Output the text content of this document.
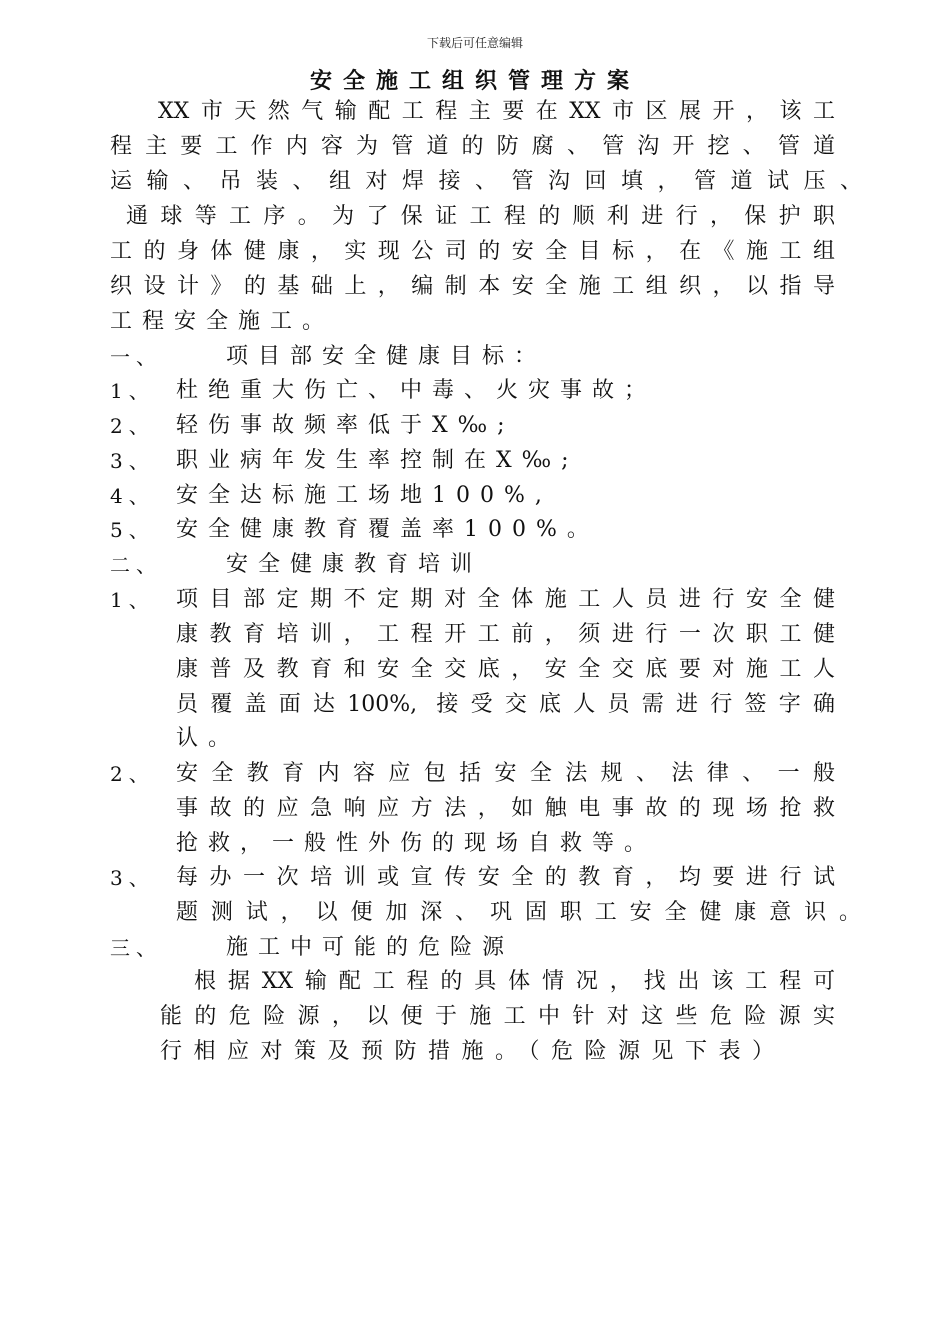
下载后可任意编辑
安全施工组织管理方案
XX市天然气输配工程主要在XX市区展开，该工
程主要工作内容为管道的防腐、管沟开挖、管道
运输、吊装、组对焊接、管沟回填，管道试压、
通球等工序。为了保证工程的顺利进行，保护职
工的身体健康，实现公司的安全目标，在《施工组
织设计》的基础上，编制本安全施工组织，以指导
工程安全施工。
一、	项目部安全健康目标：
1、 杜绝重大伤亡、中毒、火灾事故；
2、 轻伤事故频率低于X‰;
3、 职业病年发生率控制在X‰;
4、 安全达标施工场地100%,
5、 安全健康教育覆盖率100%。
二、	安全健康教育培训
1、 项目部定期不定期对全体施工人员进行安全健
康教育培训，工程开工前，须进行一次职工健
康普及教育和安全交底，安全交底要对施工人
员覆盖面达100%, 接受交底人员需进行签字确
认。
2、 安全教育内容应包括安全法规、法律、一般
事故的应急响应方法，如触电事故的现场抢救
抢救，一般性外伤的现场自救等。
3、 每办一次培训或宣传安全的教育，均要进行试
题测试，以便加深、巩固职工安全健康意识。
三、	施工中可能的危险源
根据XX输配工程的具体情况，找出该工程可
能的危险源，以便于施工中针对这些危险源实
行相应对策及预防措施。（危险源见下表）
